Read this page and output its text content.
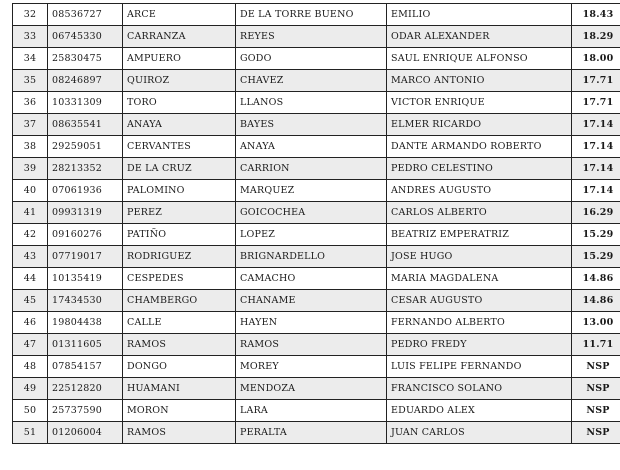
32	08536727	ARCE	DE LA TORRE BUENO	EMILIO	18.43
33	06745330	CARRANZA	REYES	ODAR ALEXANDER	18.29
34	25830475	AMPUERO	GODO	SAUL ENRIQUE ALFONSO	18.00
35	08246897	QUIROZ	CHAVEZ	MARCO ANTONIO	17.71
36	10331309	TORO	LLANOS	VICTOR ENRIQUE	17.71
37	08635541	ANAYA	BAYES	ELMER RICARDO	17.14
38	29259051	CERVANTES	ANAYA	DANTE ARMANDO ROBERTO	17.14
39	28213352	DE LA CRUZ	CARRION	PEDRO CELESTINO	17.14
40	07061936	PALOMINO	MARQUEZ	ANDRES AUGUSTO	17.14
41	09931319	PEREZ	GOICOCHEA	CARLOS ALBERTO	16.29
42	09160276	PATIÑO	LOPEZ	BEATRIZ EMPERATRIZ	15.29
43	07719017	RODRIGUEZ	BRIGNARDELLO	JOSE HUGO	15.29
44	10135419	CESPEDES	CAMACHO	MARIA MAGDALENA	14.86
45	17434530	CHAMBERGO	CHANAME	CESAR AUGUSTO	14.86
46	19804438	CALLE	HAYEN	FERNANDO ALBERTO	13.00
47	01311605	RAMOS	RAMOS	PEDRO FREDY	11.71
48	07854157	DONGO	MOREY	LUIS FELIPE FERNANDO	NSP
49	22512820	HUAMANI	MENDOZA	FRANCISCO SOLANO	NSP
50	25737590	MORON	LARA	EDUARDO ALEX	NSP
51	01206004	RAMOS	PERALTA	JUAN CARLOS	NSP
